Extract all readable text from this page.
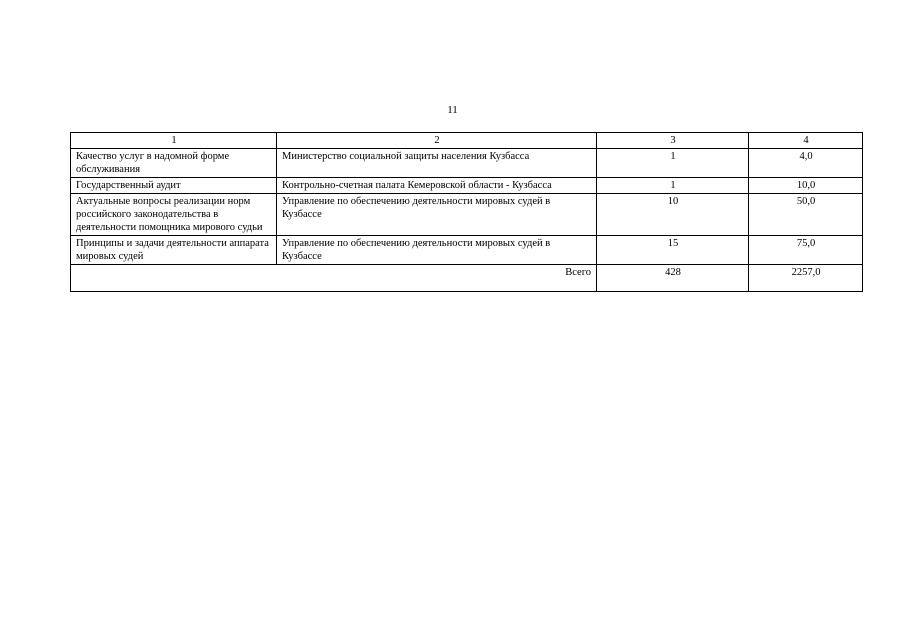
11
1	2	3	4
Качество услуг в надомной форме обслуживания	Министерство социальной защиты населения Кузбасса	1	4,0
Государственный аудит	Контрольно-счетная палата Кемеровской области - Кузбасса	1	10,0
Актуальные вопросы реализации норм российского законодательства в деятельности помощника мирового судьи	Управление по обеспечению деятельности мировых судей в Кузбассе	10	50,0
Принципы и задачи деятельности аппарата мировых судей	Управление по обеспечению деятельности мировых судей в Кузбассе	15	75,0
Всего		428	2257,0
